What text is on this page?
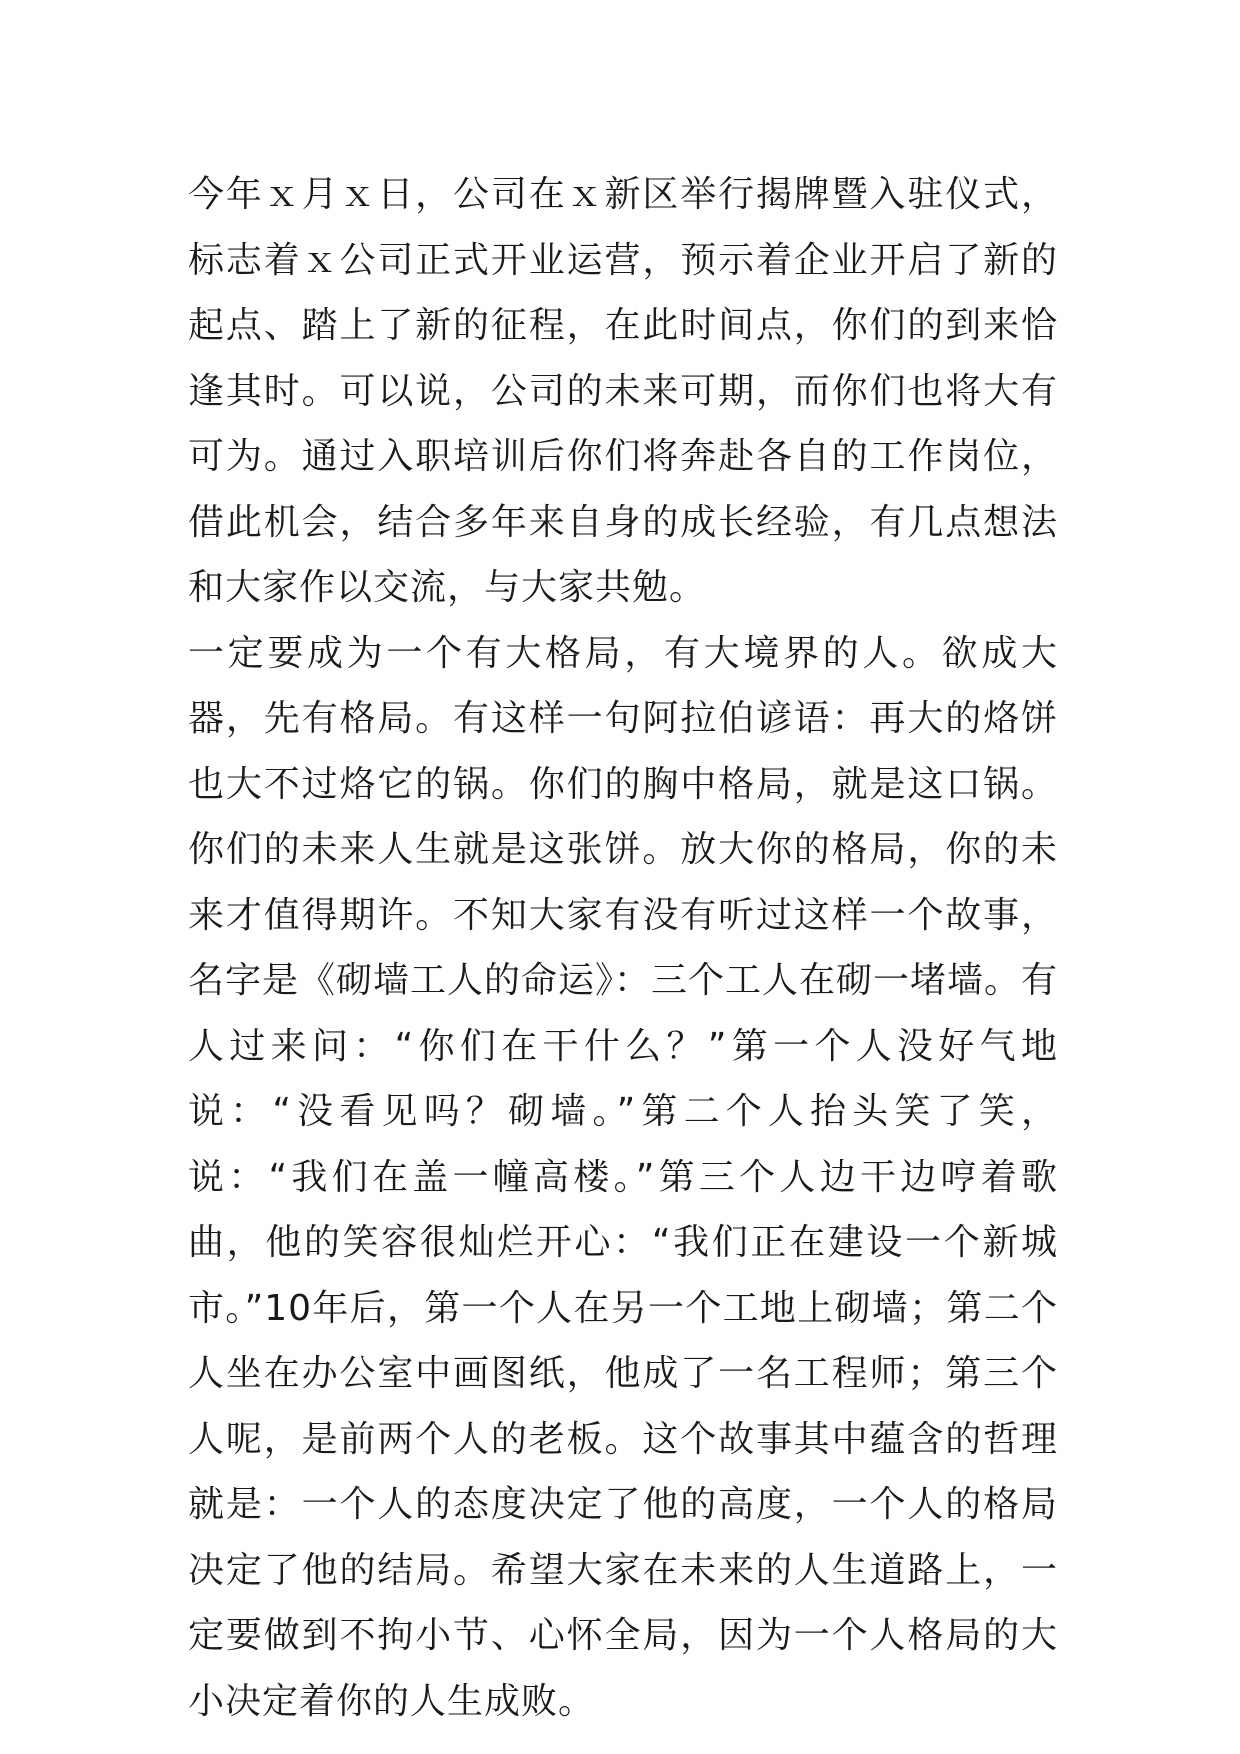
今年ｘ月ｘ日，公司在ｘ新区举行揭牌暨入驻仪式，标志着ｘ公司正式开业运营，预示着企业开启了新的起点、踏上了新的征程，在此时间点，你们的到来恰逢其时。可以说，公司的未来可期，而你们也将大有可为。通过入职培训后你们将奔赴各自的工作岗位，借此机会，结合多年来自身的成长经验，有几点想法和大家作以交流，与大家共勉。

一定要成为一个有大格局，有大境界的人。欲成大器，先有格局。有这样一句阿拉伯谚语：再大的烙饼也大不过烙它的锅。你们的胸中格局，就是这口锅。你们的未来人生就是这张饼。放大你的格局，你的未来才值得期许。不知大家有没有听过这样一个故事，名字是《砌墙工人的命运》：三个工人在砌一堵墙。有人过来问：“你们在干什么？”第一个人没好气地说：“没看见吗？砌墙。”第二个人抬头笑了笑，说：“我们在盖一幢高楼。”第三个人边干边哼着歌曲，他的笑容很灿烂开心：“我们正在建设一个新城市。”10年后，第一个人在另一个工地上砌墙；第二个人坐在办公室中画图纸，他成了一名工程师；第三个人呢，是前两个人的老板。这个故事其中蕴含的哲理就是：一个人的态度决定了他的高度，一个人的格局决定了他的结局。希望大家在未来的人生道路上，一定要做到不拘小节、心怀全局，因为一个人格局的大小决定着你的人生成败。
